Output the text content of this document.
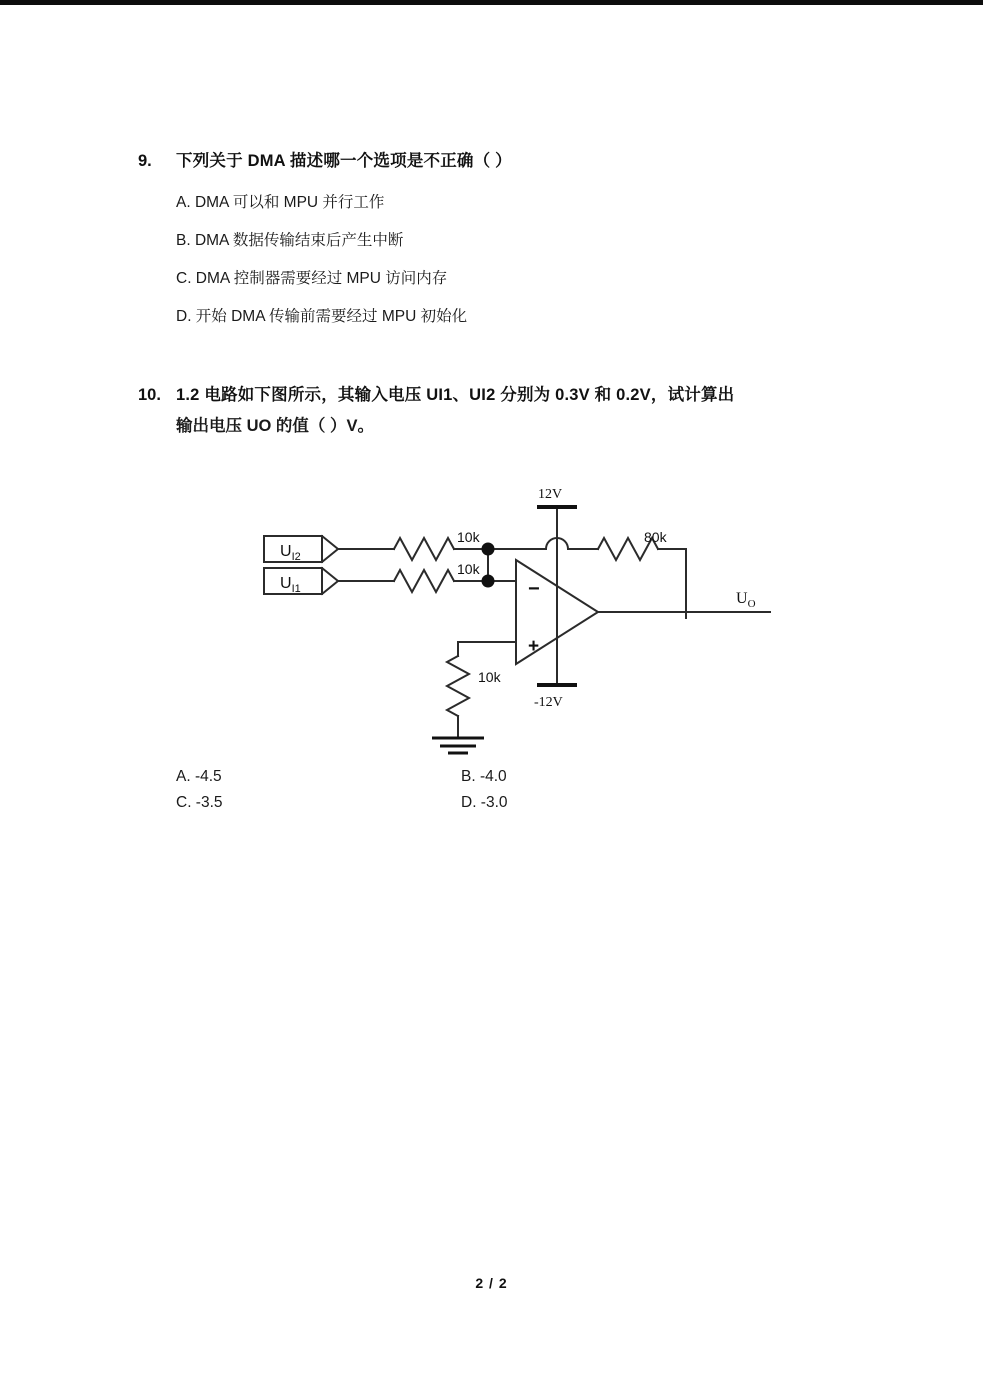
9.	下列关于 DMA 描述哪一个选项是不正确（ ）
A. DMA 可以和 MPU 并行工作
B. DMA 数据传输结束后产生中断
C. DMA 控制器需要经过 MPU 访问内存
D. 开始 DMA 传输前需要经过 MPU 初始化
10. 1.2 电路如下图所示，其输入电压 UI1、UI2 分别为 0.3V 和 0.2V，试计算出
输出电压 UO 的值（ ）V。
$U_{I2}$
$U_{I1}$
10k
10k
80k
10k
12V
-12V
−
+
$U_O$
A. -4.5	B. -4.0
C. -3.5	D. -3.0
2 / 2
